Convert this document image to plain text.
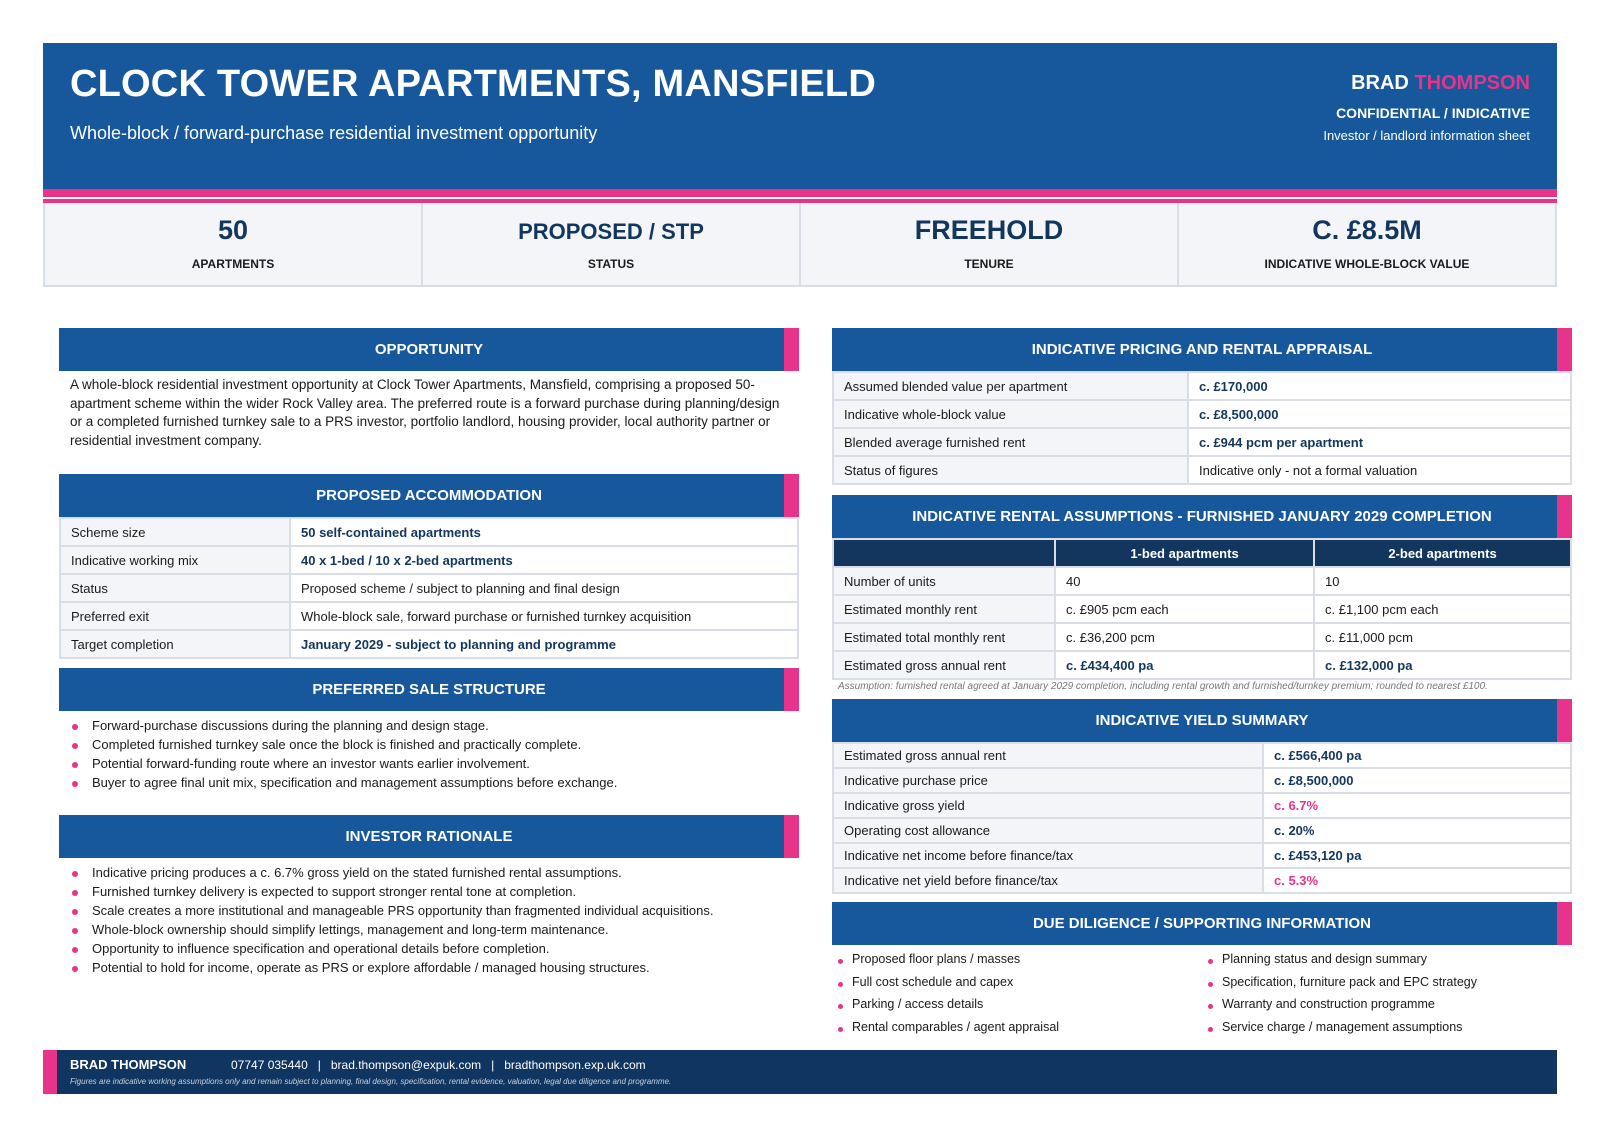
CLOCK TOWER APARTMENTS, MANSFIELD
Whole-block / forward-purchase residential investment opportunity
BRAD THOMPSON
CONFIDENTIAL / INDICATIVE
Investor / landlord information sheet
50
APARTMENTS
PROPOSED / STP
STATUS
FREEHOLD
TENURE
C. £8.5M
INDICATIVE WHOLE-BLOCK VALUE
OPPORTUNITY
A whole-block residential investment opportunity at Clock Tower Apartments, Mansfield, comprising a proposed 50-apartment scheme within the wider Rock Valley area. The preferred route is a forward purchase during planning/design or a completed furnished turnkey sale to a PRS investor, portfolio landlord, housing provider, local authority partner or residential investment company.
PROPOSED ACCOMMODATION
Scheme size	50 self-contained apartments
Indicative working mix	40 x 1-bed / 10 x 2-bed apartments
Status	Proposed scheme / subject to planning and final design
Preferred exit	Whole-block sale, forward purchase or furnished turnkey acquisition
Target completion	January 2029 - subject to planning and programme
PREFERRED SALE STRUCTURE
Forward-purchase discussions during the planning and design stage.
Completed furnished turnkey sale once the block is finished and practically complete.
Potential forward-funding route where an investor wants earlier involvement.
Buyer to agree final unit mix, specification and management assumptions before exchange.
INVESTOR RATIONALE
Indicative pricing produces a c. 6.7% gross yield on the stated furnished rental assumptions.
Furnished turnkey delivery is expected to support stronger rental tone at completion.
Scale creates a more institutional and manageable PRS opportunity than fragmented individual acquisitions.
Whole-block ownership should simplify lettings, management and long-term maintenance.
Opportunity to influence specification and operational details before completion.
Potential to hold for income, operate as PRS or explore affordable / managed housing structures.
INDICATIVE PRICING AND RENTAL APPRAISAL
Assumed blended value per apartment	c. £170,000
Indicative whole-block value	c. £8,500,000
Blended average furnished rent	c. £944 pcm per apartment
Status of figures	Indicative only - not a formal valuation
INDICATIVE RENTAL ASSUMPTIONS - FURNISHED JANUARY 2029 COMPLETION
	1-bed apartments	2-bed apartments
Number of units	40	10
Estimated monthly rent	c. £905 pcm each	c. £1,100 pcm each
Estimated total monthly rent	c. £36,200 pcm	c. £11,000 pcm
Estimated gross annual rent	c. £434,400 pa	c. £132,000 pa
Assumption: furnished rental agreed at January 2029 completion, including rental growth and furnished/turnkey premium; rounded to nearest £100.
INDICATIVE YIELD SUMMARY
Estimated gross annual rent	c. £566,400 pa
Indicative purchase price	c. £8,500,000
Indicative gross yield	c. 6.7%
Operating cost allowance	c. 20%
Indicative net income before finance/tax	c. £453,120 pa
Indicative net yield before finance/tax	c. 5.3%
DUE DILIGENCE / SUPPORTING INFORMATION
Proposed floor plans / masses
Full cost schedule and capex
Parking / access details
Rental comparables / agent appraisal
Planning status and design summary
Specification, furniture pack and EPC strategy
Warranty and construction programme
Service charge / management assumptions
BRAD THOMPSON	07747 035440   |   brad.thompson@expuk.com   |   bradthompson.exp.uk.com
Figures are indicative working assumptions only and remain subject to planning, final design, specification, rental evidence, valuation, legal due diligence and programme.
